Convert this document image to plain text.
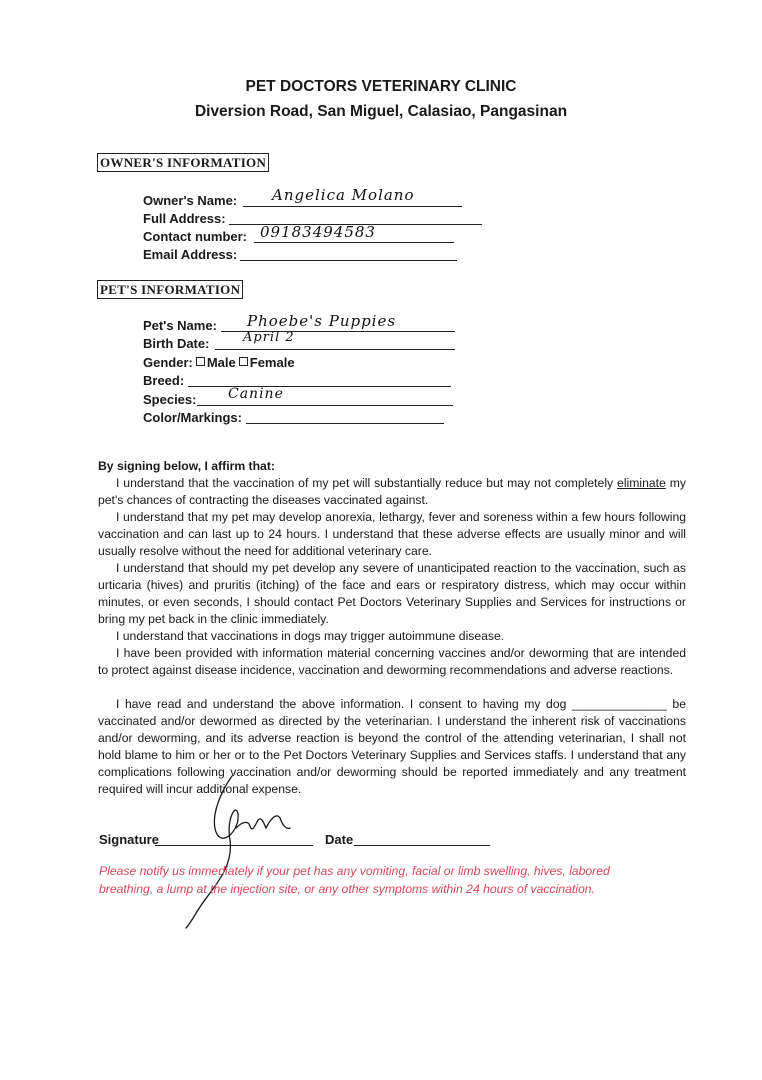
PET DOCTORS VETERINARY CLINIC
Diversion Road, San Miguel, Calasiao, Pangasinan
OWNER'S INFORMATION
Owner's Name: Angelica Molano
Full Address:
Contact number: 09183494583
Email Address:
PET'S INFORMATION
Pet's Name: Phoebe's Puppies
Birth Date:	April 2
Gender: Male Female
Breed:
Species: Canine
Color/Markings:
By signing below, I affirm that:
I understand that the vaccination of my pet will substantially reduce but may not completely eliminate my pet's chances of contracting the diseases vaccinated against.
I understand that my pet may develop anorexia, lethargy, fever and soreness within a few hours following vaccination and can last up to 24 hours. I understand that these adverse effects are usually minor and will usually resolve without the need for additional veterinary care.
I understand that should my pet develop any severe of unanticipated reaction to the vaccination, such as urticaria (hives) and pruritis (itching) of the face and ears or respiratory distress, which may occur within minutes, or even seconds, I should contact Pet Doctors Veterinary Supplies and Services for instructions or bring my pet back in the clinic immediately.
I understand that vaccinations in dogs may trigger autoimmune disease.
I have been provided with information material concerning vaccines and/or deworming that are intended to protect against disease incidence, vaccination and deworming recommendations and adverse reactions.
I have read and understand the above information. I consent to having my dog ______________ be vaccinated and/or dewormed as directed by the veterinarian. I understand the inherent risk of vaccinations and/or deworming, and its adverse reaction is beyond the control of the attending veterinarian, I shall not hold blame to him or her or to the Pet Doctors Veterinary Supplies and Services staffs. I understand that any complications following vaccination and/or deworming should be reported immediately and any treatment required will incur additional expense.
Signature	Date
Please notify us immediately if your pet has any vomiting, facial or limb swelling, hives, labored breathing, a lump at the injection site, or any other symptoms within 24 hours of vaccination.
